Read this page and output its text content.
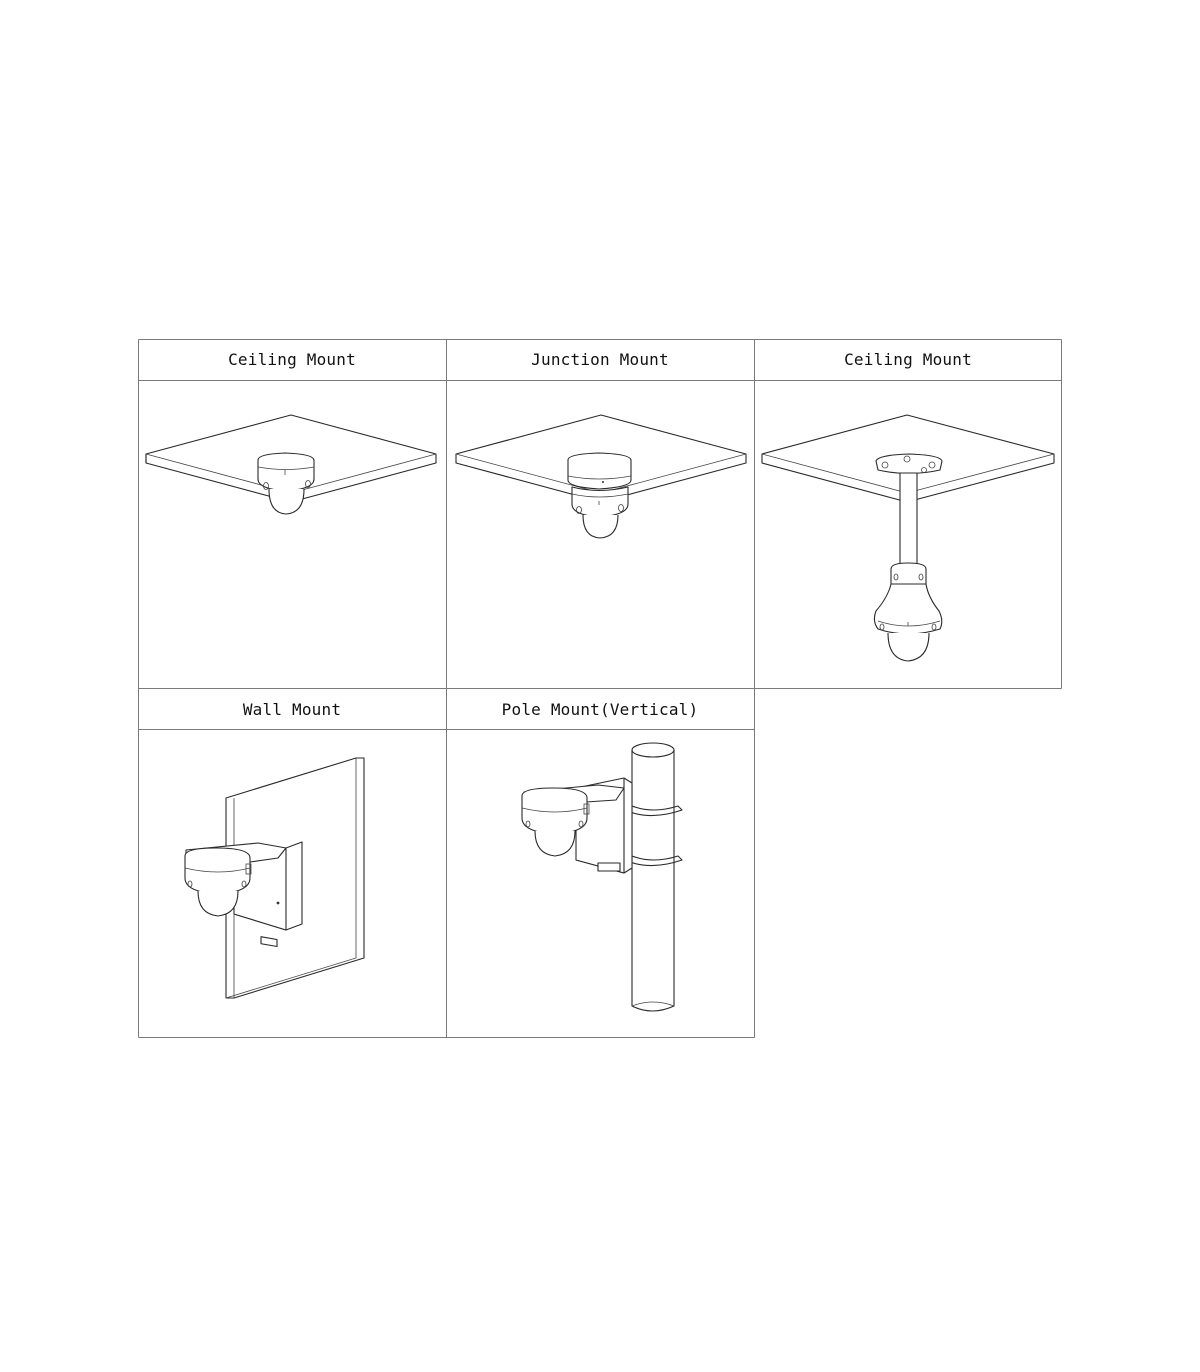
Ceiling Mount	Junction Mount	Ceiling Mount
Wall Mount	Pole Mount(Vertical)
